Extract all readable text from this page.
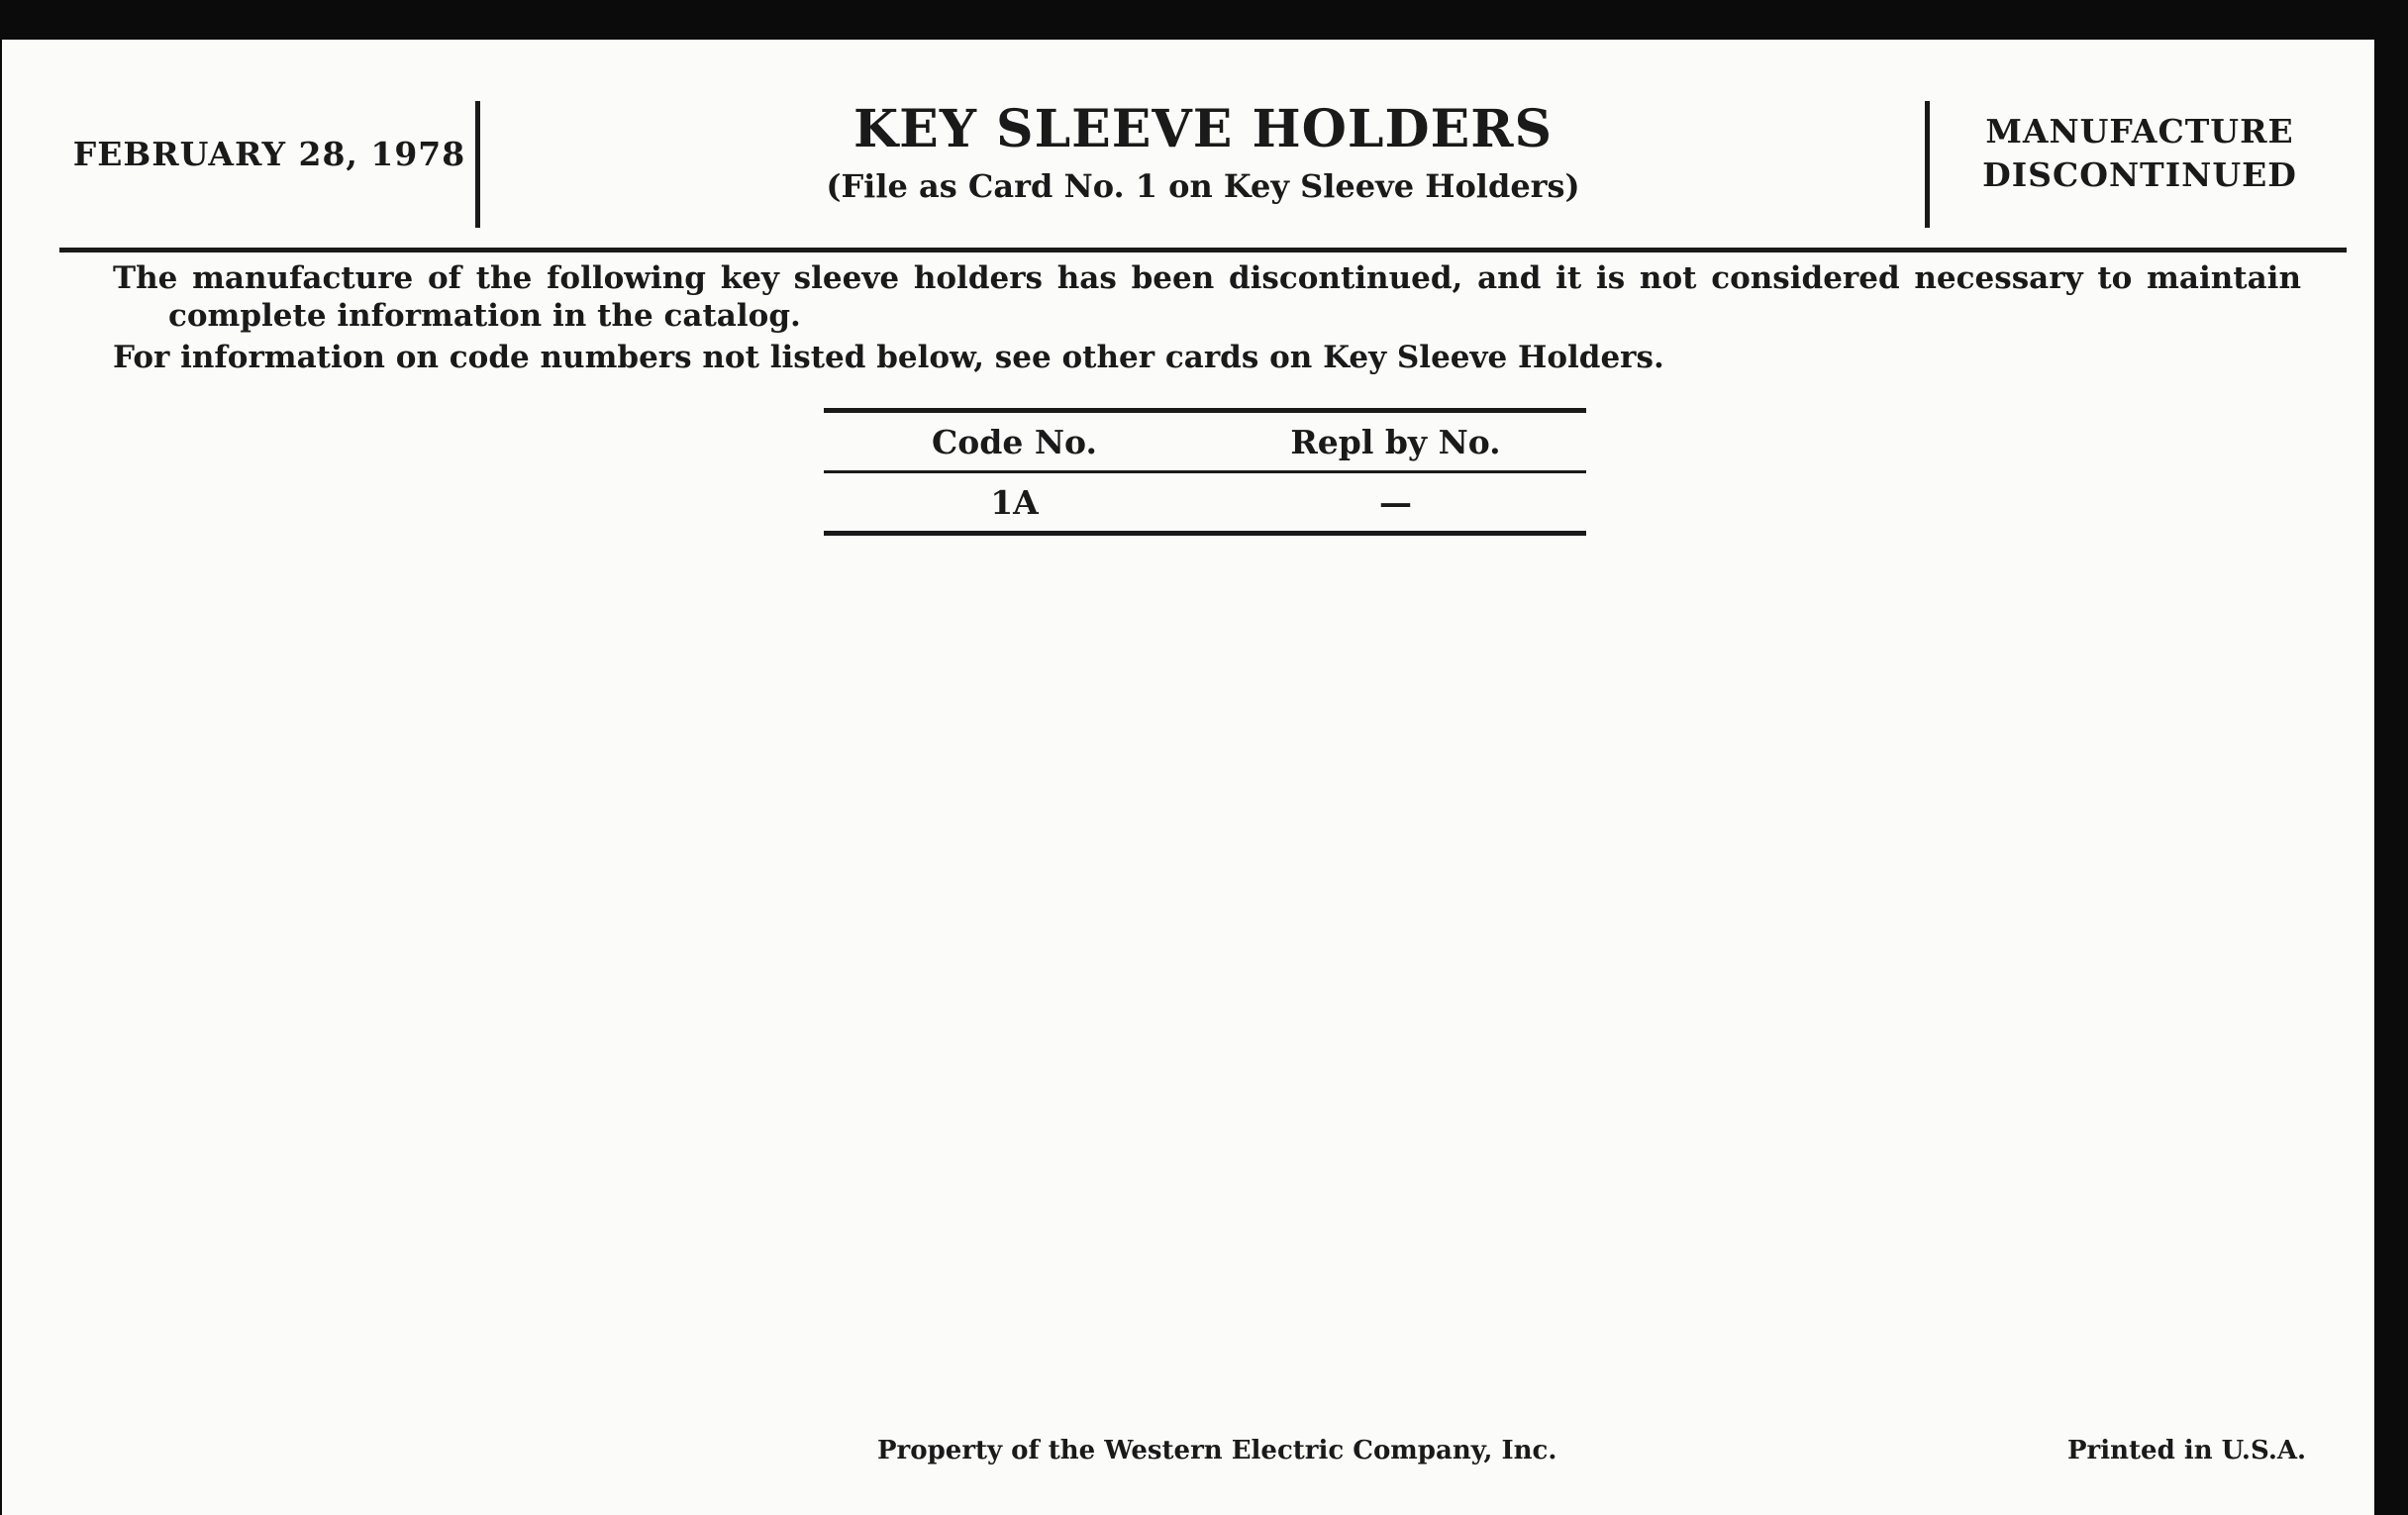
FEBRUARY 28, 1978	KEY SLEEVE HOLDERS
(File as Card No. 1 on Key Sleeve Holders)
MANUFACTURE
DISCONTINUED

The manufacture of the following key sleeve holders has been discontinued, and it is not considered necessary to maintain complete information in the catalog.

For information on code numbers not listed below, see other cards on Key Sleeve Holders.

Code No.	Repl by No.
1A	—
Property of the Western Electric Company, Inc.	Printed in U.S.A.
